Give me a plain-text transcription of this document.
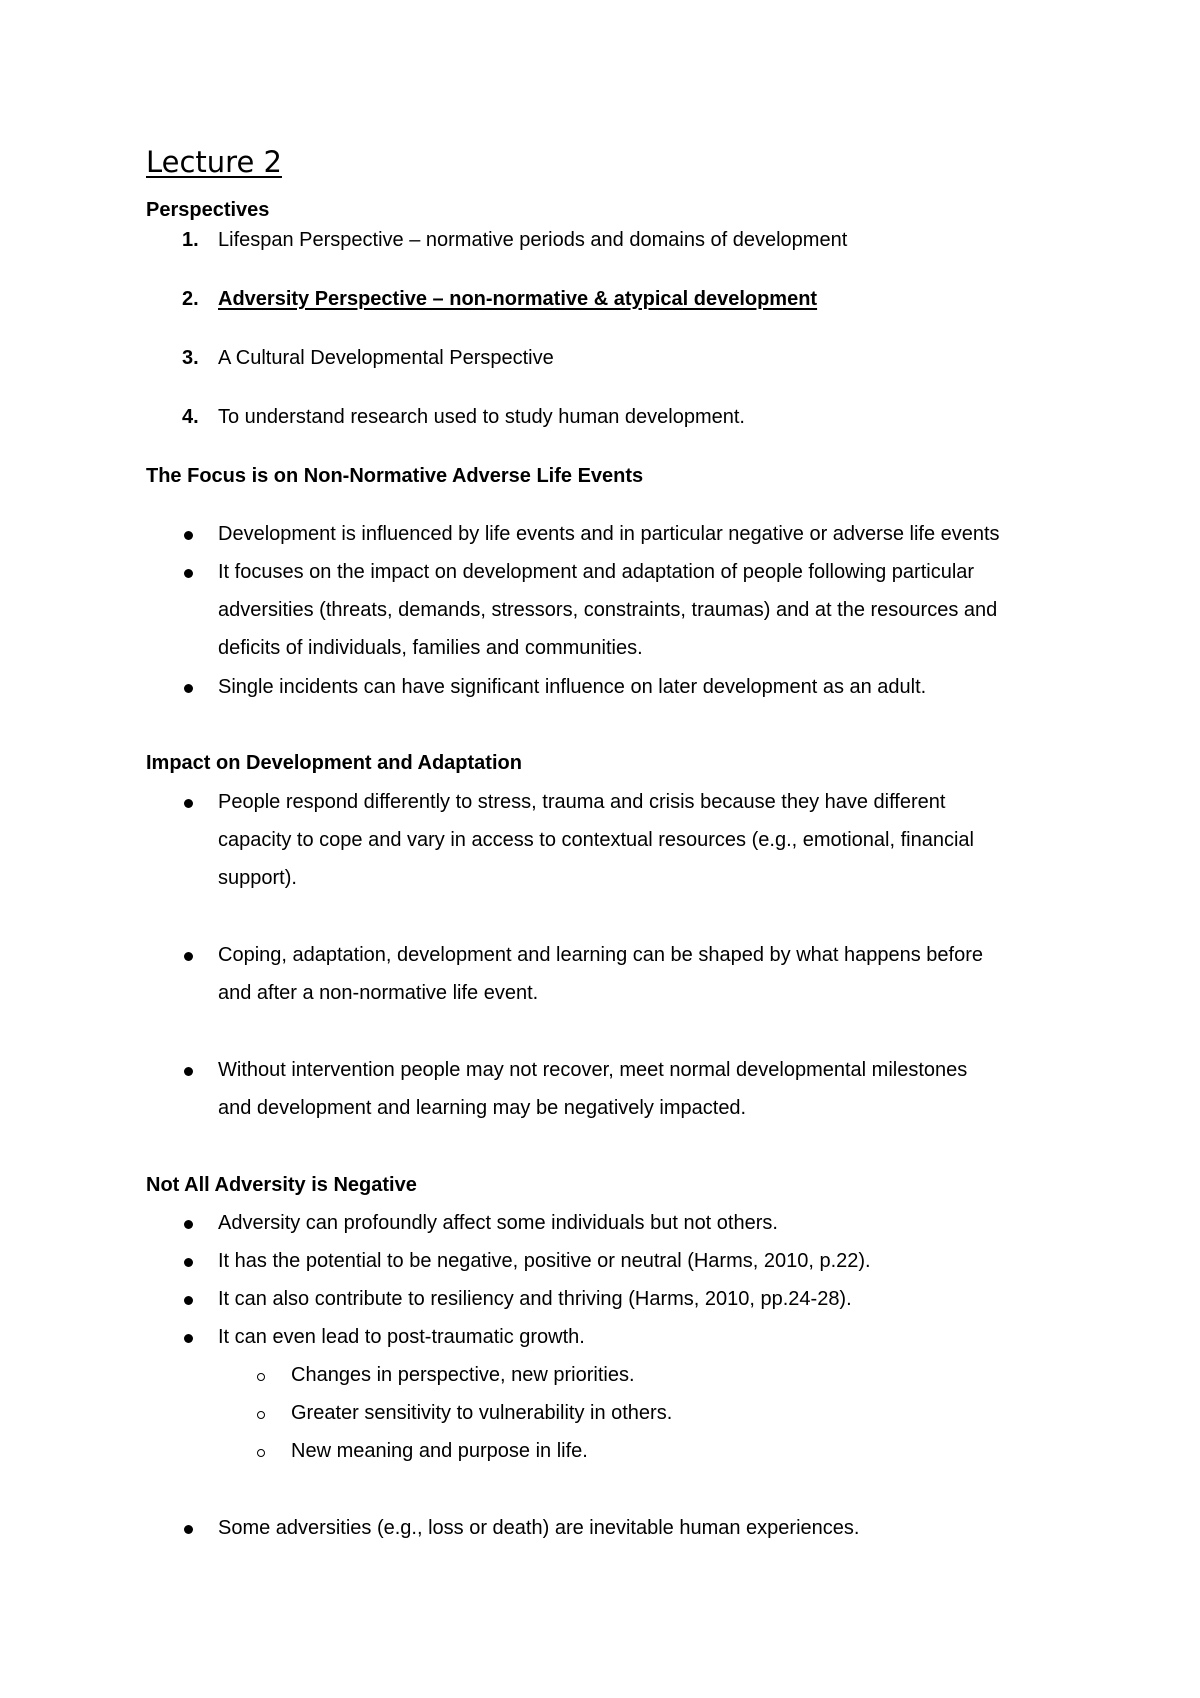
Lecture 2
Perspectives
1. Lifespan Perspective – normative periods and domains of development
2. Adversity Perspective – non-normative & atypical development
3. A Cultural Developmental Perspective
4. To understand research used to study human development.
The Focus is on Non-Normative Adverse Life Events
Development is influenced by life events and in particular negative or adverse life events
It focuses on the impact on development and adaptation of people following particular
adversities (threats, demands, stressors, constraints, traumas) and at the resources and
deficits of individuals, families and communities.
Single incidents can have significant influence on later development as an adult.
Impact on Development and Adaptation
People respond differently to stress, trauma and crisis because they have different
capacity to cope and vary in access to contextual resources (e.g., emotional, financial
support).
Coping, adaptation, development and learning can be shaped by what happens before
and after a non-normative life event.
Without intervention people may not recover, meet normal developmental milestones
and development and learning may be negatively impacted.
Not All Adversity is Negative
Adversity can profoundly affect some individuals but not others.
It has the potential to be negative, positive or neutral (Harms, 2010, p.22).
It can also contribute to resiliency and thriving (Harms, 2010, pp.24-28).
It can even lead to post-traumatic growth.
Changes in perspective, new priorities.
Greater sensitivity to vulnerability in others.
New meaning and purpose in life.
Some adversities (e.g., loss or death) are inevitable human experiences.
